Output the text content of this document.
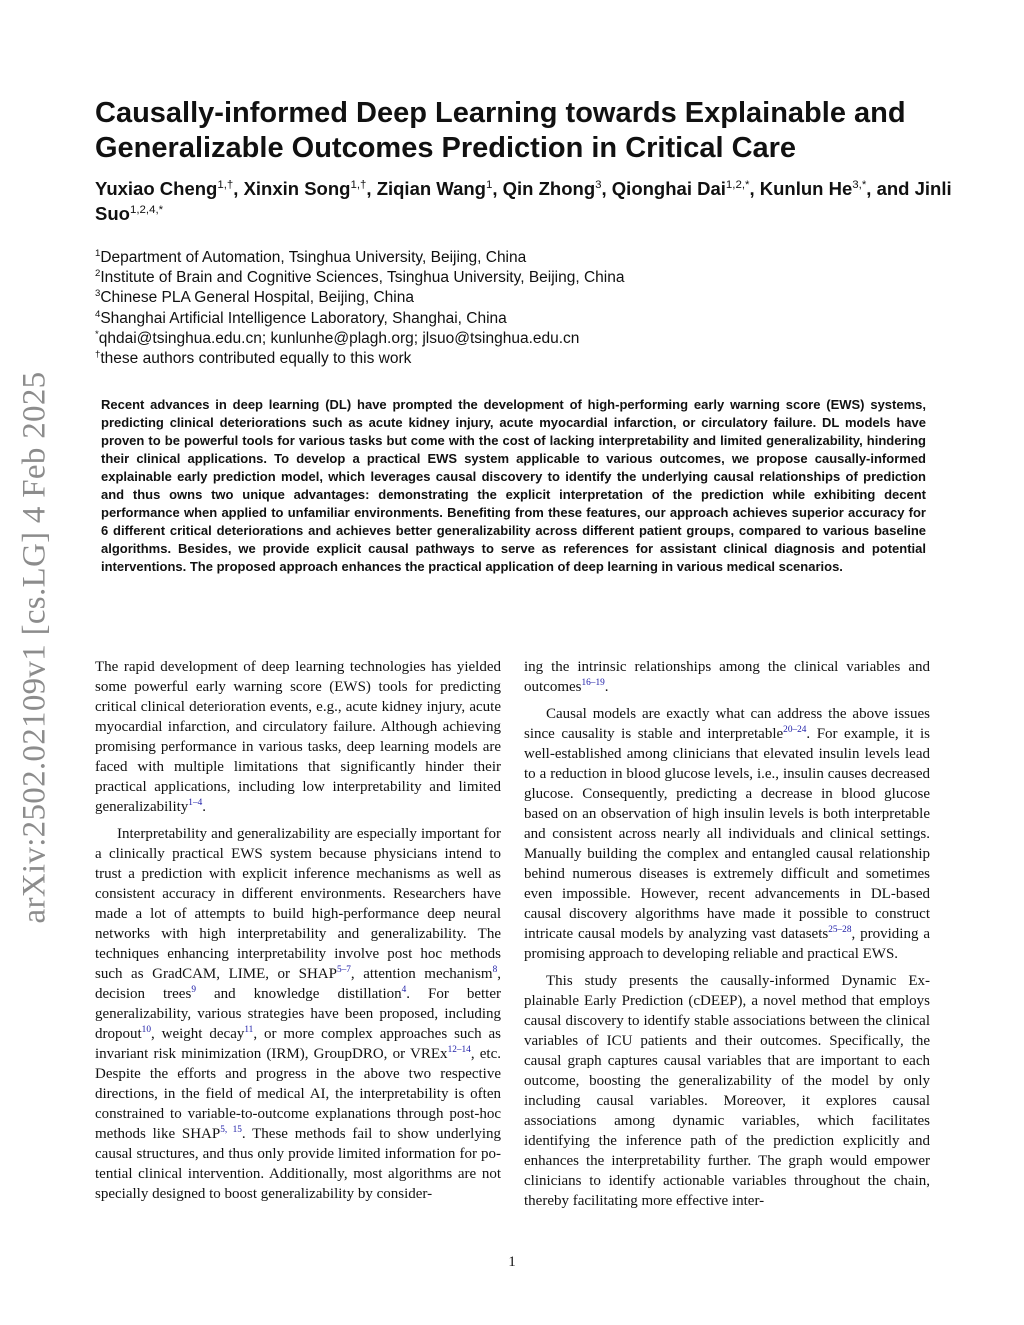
arXiv:2502.02109v1 [cs.LG] 4 Feb 2025
Causally-informed Deep Learning towards Explainable and Generalizable Outcomes Prediction in Critical Care

Yuxiao Cheng$^{1,\dagger}$, Xinxin Song$^{1,\dagger}$, Ziqian Wang$^1$, Qin Zhong$^3$, Qionghai Dai$^{1,2,*}$, Kunlun $He^{3,*}$, and Jinli Suo$^{1,2,4,*}$

$^1$Department of Automation, Tsinghua University, Beijing, China
$^2$Institute of Brain and Cognitive Sciences, Tsinghua University, Beijing, China
$^3$Chinese PLA General Hospital, Beijing, China
$^4$Shanghai Artificial Intelligence Laboratory, Shanghai, China
*qhdai@tsinghua.edu.cn; kunlunhe@plagh.org; jlsuo@tsinghua.edu.cn
†these authors contributed equally to this work

Recent advances in deep learning (DL) have prompted the development of high-performing early warning score (EWS) systems, predicting clinical deteriorations such as acute kidney injury, acute myocardial infarction, or circulatory failure. DL models have proven to be powerful tools for various tasks but come with the cost of lacking interpretability and limited generalizability, hindering their clinical applications. To develop a practical EWS system applicable to various outcomes, we propose causally-informed explainable early prediction model, which leverages causal discovery to identify the underlying causal relationships of prediction and thus owns two unique advantages: demonstrating the explicit interpretation of the prediction while exhibiting decent performance when applied to unfamiliar environments. Benefiting from these features, our approach achieves superior accuracy for 6 different critical deteriorations and achieves better generalizability across different patient groups, compared to various baseline algorithms. Besides, we provide explicit causal pathways to serve as references for assistant clinical diagnosis and potential interventions. The proposed approach enhances the practical application of deep learning in various medical scenarios.

The rapid development of deep learning technologies has yielded some powerful early warning score (EWS) tools for predicting critical clinical deterioration events, e.g., acute kidney injury, acute myocardial infarction, and circulatory failure. Although achieving promising performance in various tasks, deep learning models are faced with multiple limitations that significantly hinder their practical applications, including low interpretability and limited generalizability$^{1-4}$.

Interpretability and generalizability are especially important for a clinically practical EWS system because physicians intend to trust a prediction with explicit inference mechanisms as well as consistent accuracy in different environments. Researchers have made a lot of attempts to build high-performance deep neural networks with high interpretability and generalizability. The techniques enhancing interpretability involve post hoc methods such as GradCAM, LIME, or SHAP$^{5-7}$, attention mechanism$^8$, decision trees$^9$ and knowledge distillation$^4$. For better generalizability, various strategies have been proposed, including dropout$^{10}$, weight decay$^{11}$, or more complex approaches such as invariant risk minimization (IRM), GroupDRO, or VREx$^{12-14}$, etc. Despite the efforts and progress in the above two respective directions, in the field of medical AI, the interpretability is often constrained to variable-to-outcome explanations through post-hoc methods like SHAP$^{5, 15}$. These methods fail to show underlying causal structures, and thus only provide limited information for potential clinical intervention. Additionally, most algorithms are not specially designed to boost generalizability by consider-

ing the intrinsic relationships among the clinical variables and outcomes$^{16-19}$.

Causal models are exactly what can address the above issues since causality is stable and interpretable$^{20-24}$. For example, it is well-established among clinicians that elevated insulin levels lead to a reduction in blood glucose levels, i.e., insulin causes decreased glucose. Consequently, predicting a decrease in blood glucose based on an observation of high insulin levels is both interpretable and consistent across nearly all individuals and clinical settings. Manually building the complex and entangled causal relationship behind numerous diseases is extremely difficult and sometimes even impossible. However, recent advancements in DL-based causal discovery algorithms have made it possible to construct intricate causal models by analyzing vast datasets$^{25-28}$, providing a promising approach to developing reliable and practical EWS.

This study presents the causally-informed Dynamic Explainable Early Prediction (cDEEP), a novel method that employs causal discovery to identify stable associations between the clinical variables of ICU patients and their outcomes. Specifically, the causal graph captures causal variables that are important to each outcome, boosting the generalizability of the model by only including causal variables. Moreover, it explores causal associations among dynamic variables, which facilitates identifying the inference path of the prediction explicitly and enhances the interpretability further. The graph would empower clinicians to identify actionable variables throughout the chain, thereby facilitating more effective inter-

1
